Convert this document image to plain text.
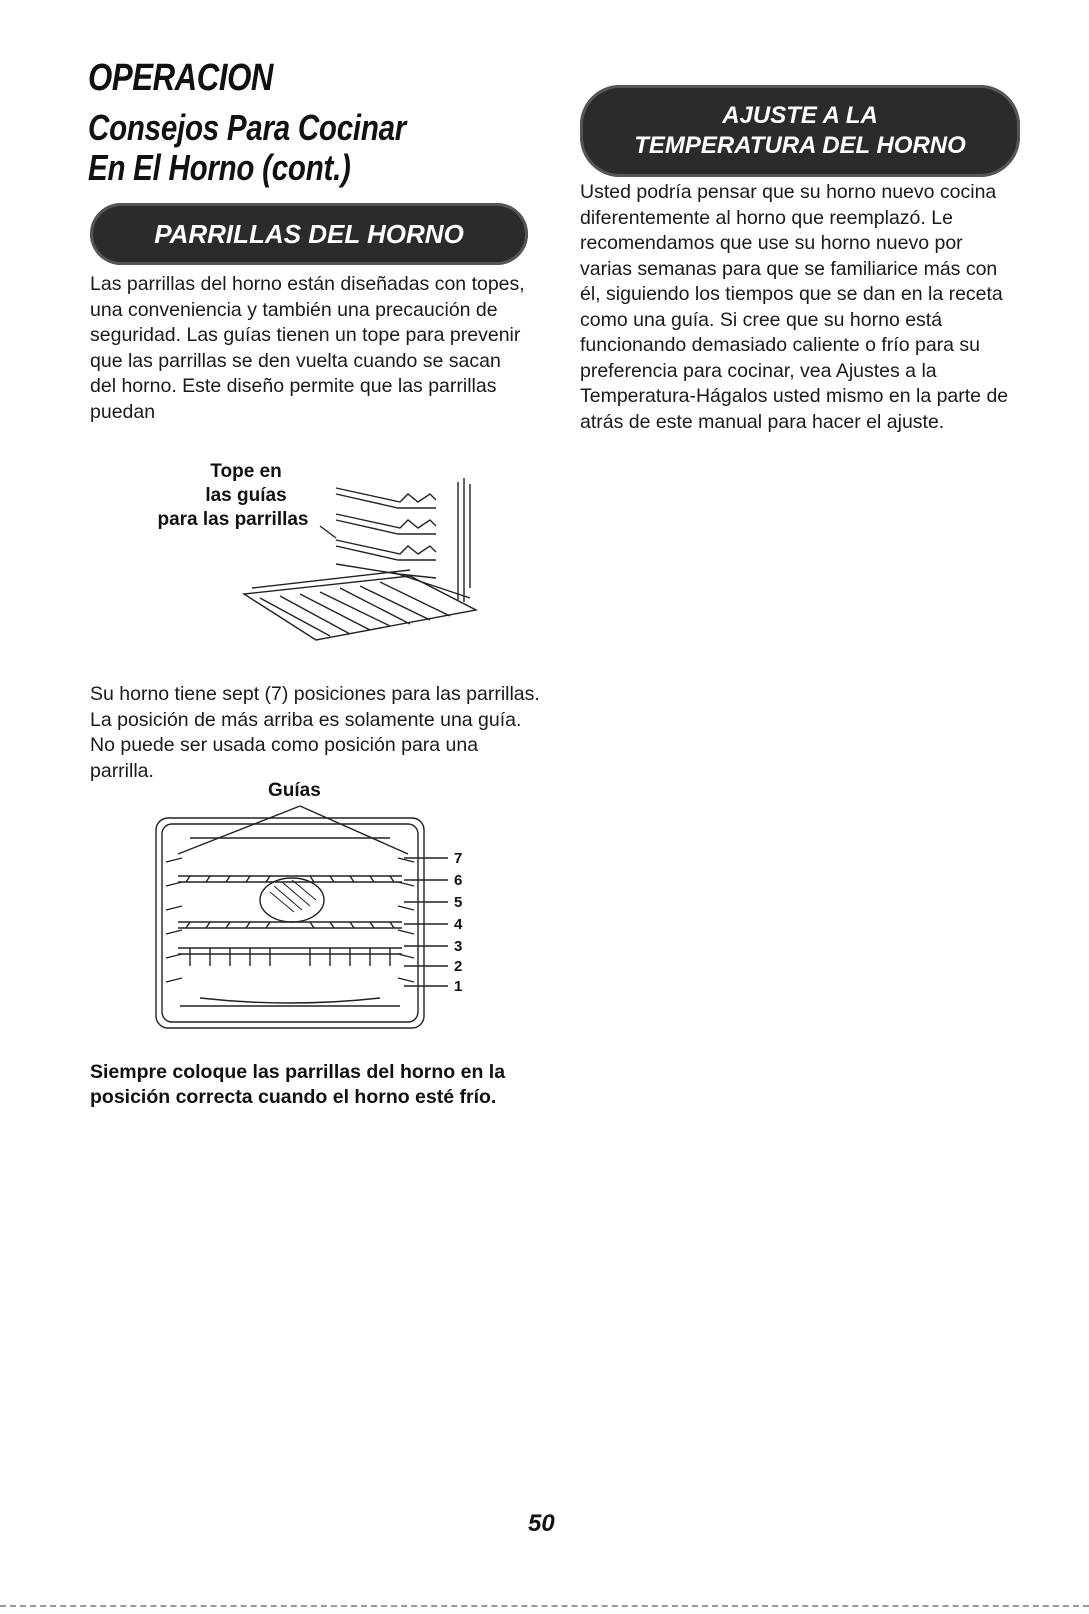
OPERACION
Consejos Para Cocinar
En El Horno (cont.)
PARRILLAS DEL HORNO

Las parrillas del horno están diseñadas con topes, una conveniencia y también una precaución de seguridad. Las guías tienen un tope para prevenir que las parrillas se den vuelta cuando se sacan del horno. Este diseño permite que las parrillas puedan

Tope en
las guías
para las parrillas

Su horno tiene sept (7) posiciones para las parrillas. La posición de más arriba es solamente una guía. No puede ser usada como posición para una parrilla.

Guías
7
6
5
4
3
2
1

Siempre coloque las parrillas del horno en la posición correcta cuando el horno esté frío.

AJUSTE A LA
TEMPERATURA DEL HORNO

Usted podría pensar que su horno nuevo cocina diferentemente al horno que reemplazó. Le recomendamos que use su horno nuevo por varias semanas para que se familiarice más con él, siguiendo los tiempos que se dan en la receta como una guía. Si cree que su horno está funcionando demasiado caliente o frío para su preferencia para cocinar, vea Ajustes a la Temperatura-Hágalos usted mismo en la parte de atrás de este manual para hacer el ajuste.

50
